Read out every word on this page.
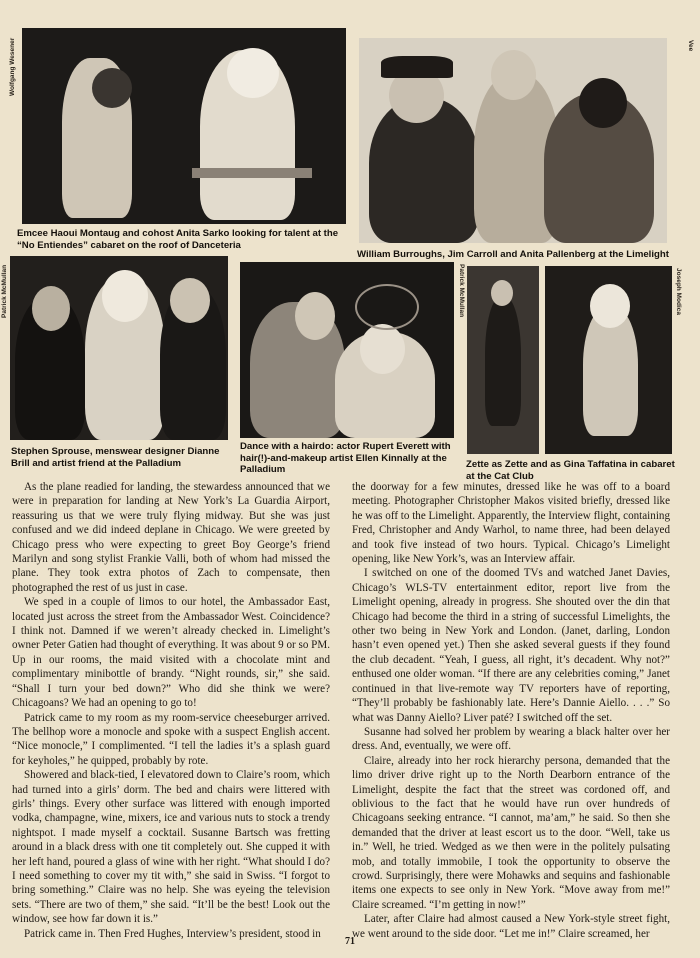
Wolfgang Wesener	Vee
Patrick McMullan	Patrick McMullan	Joseph Modica
Emcee Haoui Montaug and cohost Anita Sarko looking for talent at the “No Entiendes” cabaret on the roof of Danceteria
William Burroughs, Jim Carroll and Anita Pallenberg at the Limelight
Stephen Sprouse, menswear designer Dianne Brill and artist friend at the Palladium
Dance with a hairdo: actor Rupert Everett with hair(!)-and-makeup artist Ellen Kinnally at the Palladium	Zette as Zette and as Gina Taffatina in cabaret at the Cat Club

As the plane readied for landing, the stewardess announced that we were in preparation for landing at New York’s La Guardia Airport, reassuring us that we were truly flying midway. But she was just confused and we did indeed deplane in Chicago. We were greeted by Chicago press who were expecting to greet Boy George’s friend Marilyn and song stylist Frankie Valli, both of whom had missed the plane. They took extra photos of Zach to compensate, then photographed the rest of us just in case.

We sped in a couple of limos to our hotel, the Ambassador East, located just across the street from the Ambassador West. Coincidence? I think not. Damned if we weren’t already checked in. Limelight’s owner Peter Gatien had thought of everything. It was about 9 or so PM. Up in our rooms, the maid visited with a chocolate mint and complimentary minibottle of brandy. “Night rounds, sir,” she said. “Shall I turn your bed down?” Who did she think we were? Chicagoans? We had an opening to go to!

Patrick came to my room as my room-service cheeseburger arrived. The bellhop wore a monocle and spoke with a suspect English accent. “Nice monocle,” I complimented. “I tell the ladies it’s a splash guard for keyholes,” he quipped, probably by rote.

Showered and black-tied, I elevatored down to Claire’s room, which had turned into a girls’ dorm. The bed and chairs were littered with girls’ things. Every other surface was littered with enough imported vodka, champagne, wine, mixers, ice and various nuts to stock a trendy nightspot. I made myself a cocktail. Susanne Bartsch was fretting around in a black dress with one tit completely out. She cupped it with her left hand, poured a glass of wine with her right. “What should I do? I need something to cover my tit with,” she said in Swiss. “I forgot to bring something.” Claire was no help. She was eyeing the television sets. “There are two of them,” she said. “It’ll be the best! Look out the window, see how far down it is.”

Patrick came in. Then Fred Hughes, Interview’s president, stood in

the doorway for a few minutes, dressed like he was off to a board meeting. Photographer Christopher Makos visited briefly, dressed like he was off to the Limelight. Apparently, the Interview flight, containing Fred, Christopher and Andy Warhol, to name three, had been delayed and took five instead of two hours. Typical. Chicago’s Limelight opening, like New York’s, was an Interview affair.

I switched on one of the doomed TVs and watched Janet Davies, Chicago’s WLS-TV entertainment editor, report live from the Limelight opening, already in progress. She shouted over the din that Chicago had become the third in a string of successful Limelights, the other two being in New York and London. (Janet, darling, London hasn’t even opened yet.) Then she asked several guests if they found the club decadent. “Yeah, I guess, all right, it’s decadent. Why not?” enthused one older woman. “If there are any celebrities coming,” Janet continued in that live-remote way TV reporters have of reporting, “They’ll probably be fashionably late. Here’s Dannie Aiello. . . .” So what was Danny Aiello? Liver paté? I switched off the set.

Susanne had solved her problem by wearing a black halter over her dress. And, eventually, we were off.

Claire, already into her rock hierarchy persona, demanded that the limo driver drive right up to the North Dearborn entrance of the Limelight, despite the fact that the street was cordoned off, and oblivious to the fact that he would have run over hundreds of Chicagoans seeking entrance. “I cannot, ma’am,” he said. So then she demanded that the driver at least escort us to the door. “Well, take us in.” Well, he tried. Wedged as we then were in the politely pulsating mob, and totally immobile, I took the opportunity to observe the crowd. Surprisingly, there were Mohawks and sequins and fashionable items one expects to see only in New York. “Move away from me!” Claire screamed. “I’m getting in now!”

Later, after Claire had almost caused a New York-style street fight, we went around to the side door. “Let me in!” Claire screamed, her

71
